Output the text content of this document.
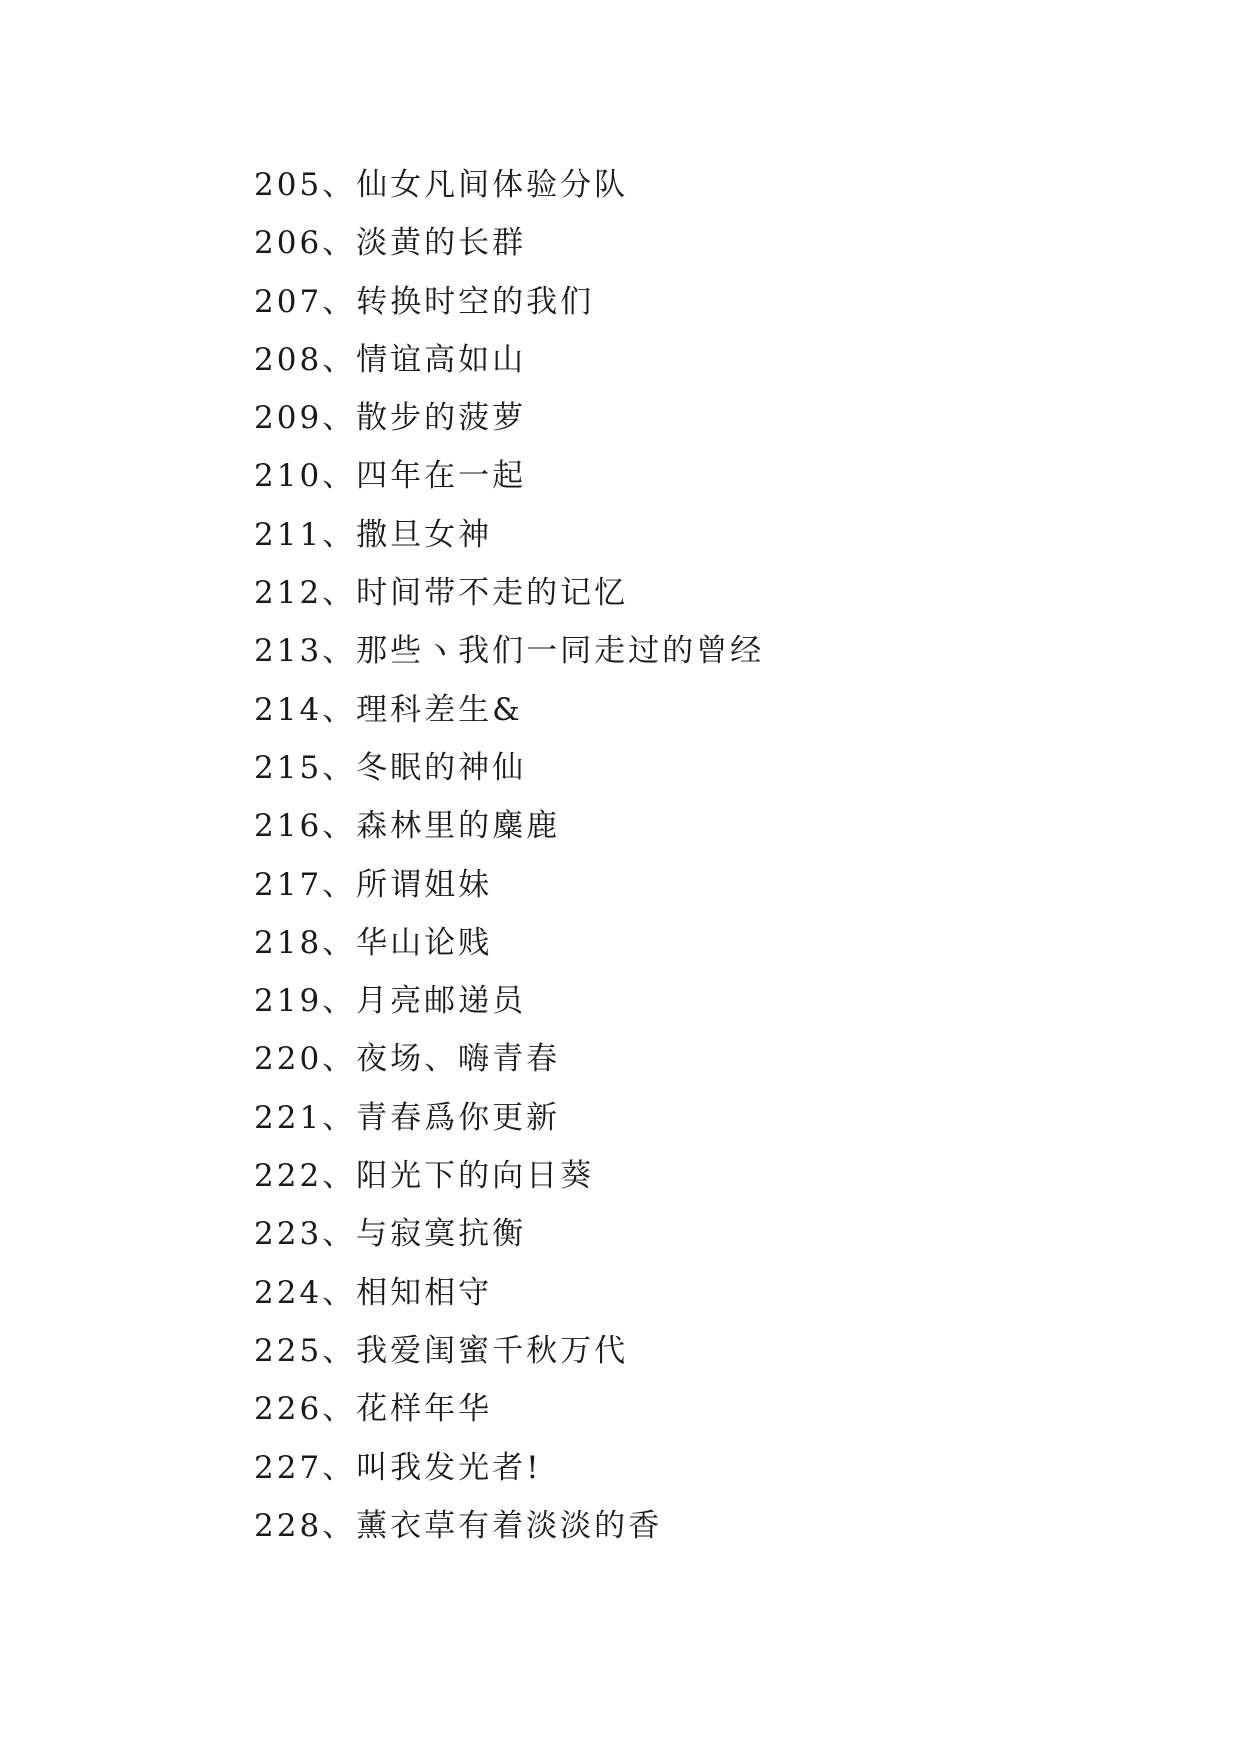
205、仙女凡间体验分队
206、淡黄的长群
207、转换时空的我们
208、情谊高如山
209、散步的菠萝
210、四年在一起
211、撒旦女神
212、时间带不走的记忆
213、那些ヽ我们一同走过的曾经
214、理科差生&
215、冬眠的神仙
216、森林里的麋鹿
217、所谓姐妹
218、华山论贱
219、月亮邮递员
220、夜场、嗨青春
221、青春爲你更新
222、阳光下的向日葵
223、与寂寞抗衡
224、相知相守
225、我爱闺蜜千秋万代
226、花样年华
227、叫我发光者!
228、薰衣草有着淡淡的香
